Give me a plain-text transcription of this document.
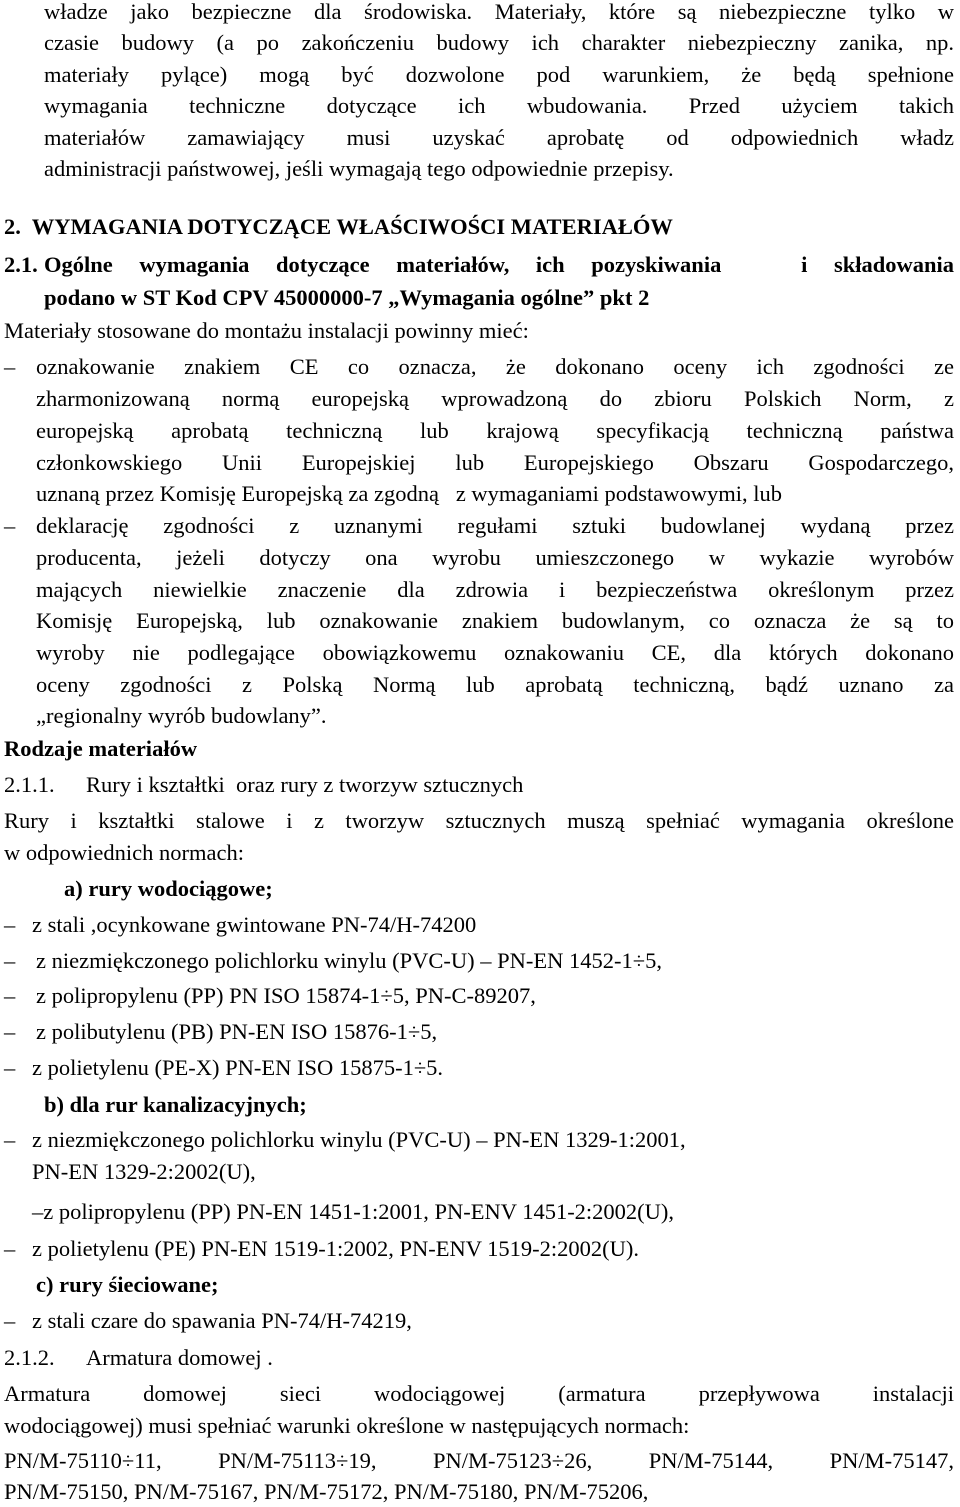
władze jako bezpieczne dla środowiska. Materiały, które są niebezpieczne tylko w
czasie budowy (a po zakończeniu budowy ich charakter niebezpieczny zanika, np.
materiały pylące) mogą być dozwolone pod warunkiem, że będą spełnione
wymagania techniczne dotyczące ich wbudowania. Przed użyciem takich
materiałów zamawiający musi uzyskać aprobatę od odpowiednich władz
administracji państwowej, jeśli wymagają tego odpowiednie przepisy.
2.  WYMAGANIA DOTYCZĄCE WŁAŚCIWOŚCI MATERIAŁÓW
2.1. Ogólne wymagania dotyczące materiałów, ich pozyskiwania   i składowania
podano w ST Kod CPV 45000000-7 „Wymagania ogólne” pkt 2
Materiały stosowane do montażu instalacji powinny mieć:
– oznakowanie znakiem CE co oznacza, że dokonano oceny ich zgodności ze
zharmonizowaną normą europejską wprowadzoną do zbioru Polskich Norm, z
europejską aprobatą techniczną lub krajową specyfikacją techniczną państwa
członkowskiego Unii Europejskiej lub Europejskiego Obszaru Gospodarczego,
uznaną przez Komisję Europejską za zgodną   z wymaganiami podstawowymi, lub
– deklarację zgodności z uznanymi regułami sztuki budowlanej wydaną przez
producenta, jeżeli dotyczy ona wyrobu umieszczonego w wykazie wyrobów
mających niewielkie znaczenie dla zdrowia i bezpieczeństwa określonym przez
Komisję Europejską, lub oznakowanie znakiem budowlanym, co oznacza że są to
wyroby nie podlegające obowiązkowemu oznakowaniu CE, dla których dokonano
oceny zgodności z Polską Normą lub aprobatą techniczną, bądź uznano za
„regionalny wyrób budowlany”.
Rodzaje materiałów
2.1.1.	Rury i kształtki  oraz rury z tworzyw sztucznych
Rury i kształtki stalowe i z tworzyw sztucznych muszą spełniać wymagania określone
w odpowiednich normach:
a) rury wodociągowe;
– z stali ,ocynkowane gwintowane PN-74/H-74200
– z niezmiękczonego polichlorku winylu (PVC-U) – PN-EN 1452-1÷5,
– z polipropylenu (PP) PN ISO 15874-1÷5, PN-C-89207,
– z polibutylenu (PB) PN-EN ISO 15876-1÷5,
– z polietylenu (PE-X) PN-EN ISO 15875-1÷5.
b) dla rur kanalizacyjnych;
– z niezmiękczonego polichlorku winylu (PVC-U) – PN-EN 1329-1:2001,
PN-EN 1329-2:2002(U),
–z polipropylenu (PP) PN-EN 1451-1:2001, PN-ENV 1451-2:2002(U),
– z polietylenu (PE) PN-EN 1519-1:2002, PN-ENV 1519-2:2002(U).
c) rury śieciowane;
– z stali czare do spawania PN-74/H-74219,
2.1.2.	Armatura domowej .
Armatura domowej sieci wodociągowej (armatura przepływowa instalacji
wodociągowej) musi spełniać warunki określone w następujących normach:
PN/M-75110÷11, PN/M-75113÷19, PN/M-75123÷26, PN/M-75144, PN/M-75147,
PN/M-75150, PN/M-75167, PN/M-75172, PN/M-75180, PN/M-75206,
